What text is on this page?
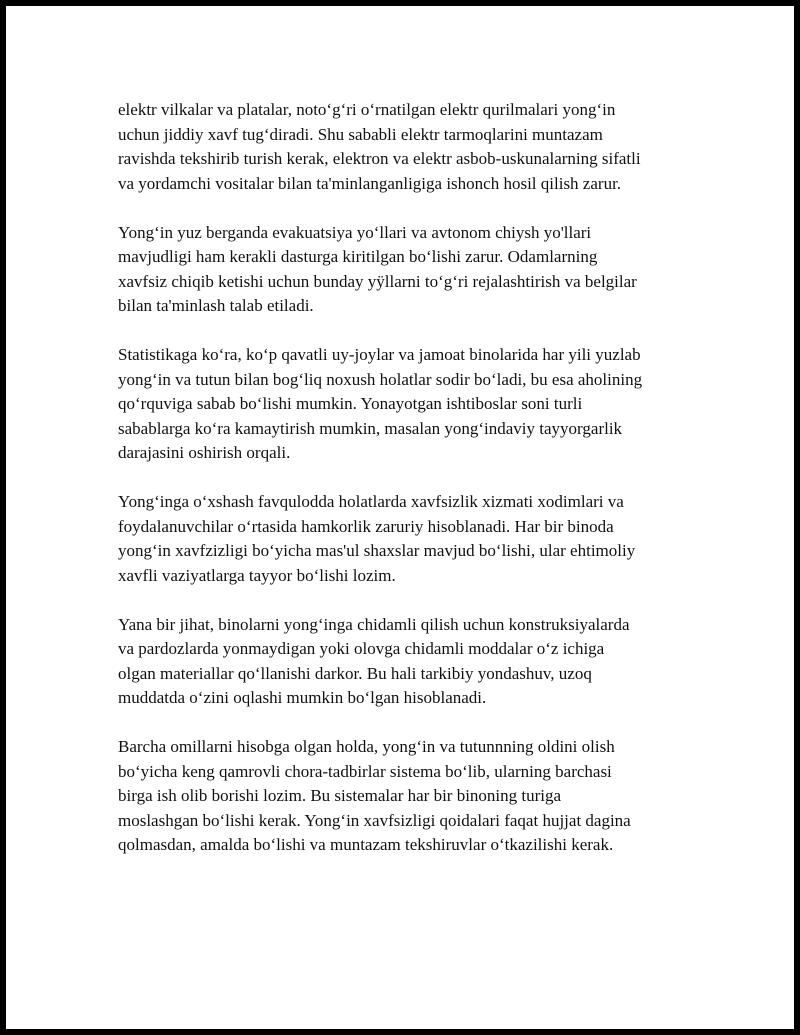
elektr vilkalar va platalar, noto‘g‘ri o‘rnatilgan elektr qurilmalari yong‘in
uchun jiddiy xavf tug‘diradi. Shu sababli elektr tarmoqlarini muntazam
ravishda tekshirib turish kerak, elektron va elektr asbob-uskunalarning sifatli
va yordamchi vositalar bilan ta'minlanganligiga ishonch hosil qilish zarur.

Yong‘in yuz berganda evakuatsiya yo‘llari va avtonom chiysh yo'llari
mavjudligi ham kerakli dasturga kiritilgan bo‘lishi zarur. Odamlarning
xavfsiz chiqib ketishi uchun bunday yӱllarni to‘g‘ri rejalashtirish va belgilar
bilan ta'minlash talab etiladi.

Statistikaga ko‘ra, ko‘p qavatli uy-joylar va jamoat binolarida har yili yuzlab
yong‘in va tutun bilan bog‘liq noxush holatlar sodir bo‘ladi, bu esa aholining
qo‘rquviga sabab bo‘lishi mumkin. Yonayotgan ishtiboslar soni turli
sabablarga ko‘ra kamaytirish mumkin, masalan yong‘indaviy tayyorgarlik
darajasini oshirish orqali.

Yong‘inga o‘xshash favqulodda holatlarda xavfsizlik xizmati xodimlari va
foydalanuvchilar o‘rtasida hamkorlik zaruriy hisoblanadi. Har bir binoda
yong‘in xavfzizligi bo‘yicha mas'ul shaxslar mavjud bo‘lishi, ular ehtimoliy
xavfli vaziyatlarga tayyor bo‘lishi lozim.

Yana bir jihat, binolarni yong‘inga chidamli qilish uchun konstruksiyalarda
va pardozlarda yonmaydigan yoki olovga chidamli moddalar o‘z ichiga
olgan materiallar qo‘llanishi darkor. Bu hali tarkibiy yondashuv, uzoq
muddatda o‘zini oqlashi mumkin bo‘lgan hisoblanadi.

Barcha omillarni hisobga olgan holda, yong‘in va tutunnning oldini olish
bo‘yicha keng qamrovli chora-tadbirlar sistema bo‘lib, ularning barchasi
birga ish olib borishi lozim. Bu sistemalar har bir binoning turiga
moslashgan bo‘lishi kerak. Yong‘in xavfsizligi qoidalari faqat hujjat dagina
qolmasdan, amalda bo‘lishi va muntazam tekshiruvlar o‘tkazilishi kerak.
